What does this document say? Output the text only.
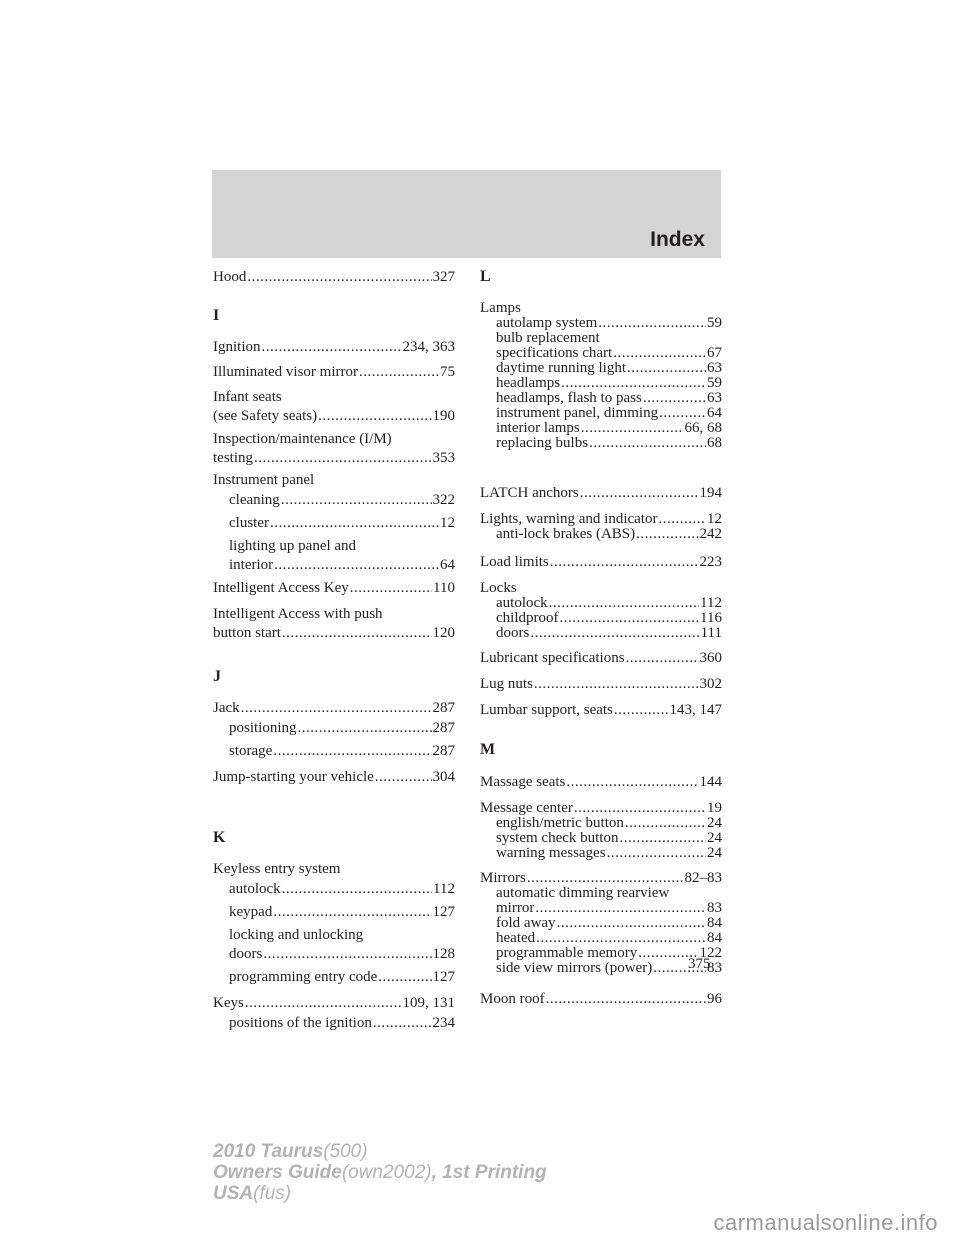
Index
Hood .....	327
I
Ignition .....	234, 363
Illuminated visor mirror .....	75
Infant seats
(see Safety seats) .....	190
Inspection/maintenance (I/M)
testing .....	353
Instrument panel
cleaning .....	322
cluster .....	12
lighting up panel and
interior .....	64
Intelligent Access Key .....	110
Intelligent Access with push
button start .....	120
J
Jack .....	287
positioning .....	287
storage .....	287
Jump-starting your vehicle .....	304
K
Keyless entry system
autolock .....	112
keypad .....	127
locking and unlocking
doors .....	128
programming entry code .....	127
Keys .....	109, 131
positions of the ignition .....	234
L
Lamps
autolamp system .....	59
bulb replacement
specifications chart .....	67
daytime running light .....	63
headlamps .....	59
headlamps, flash to pass .....	63
instrument panel, dimming .....	64
interior lamps .....	66, 68
replacing bulbs .....	68
LATCH anchors .....	194
Lights, warning and indicator .....	12
anti-lock brakes (ABS) .....	242
Load limits .....	223
Locks
autolock .....	112
childproof .....	116
doors .....	111
Lubricant specifications .....	360
Lug nuts .....	302
Lumbar support, seats .....	143, 147
M
Massage seats .....	144
Message center .....	19
english/metric button .....	24
system check button .....	24
warning messages .....	24
Mirrors .....	82–83
automatic dimming rearview
mirror .....	83
fold away .....	84
heated .....	84
programmable memory .....	122
side view mirrors (power) .....	83
Moon roof .....	96
375
2010 Taurus(500)
Owners Guide(own2002), 1st Printing
USA(fus)
carmanualsonline.info
